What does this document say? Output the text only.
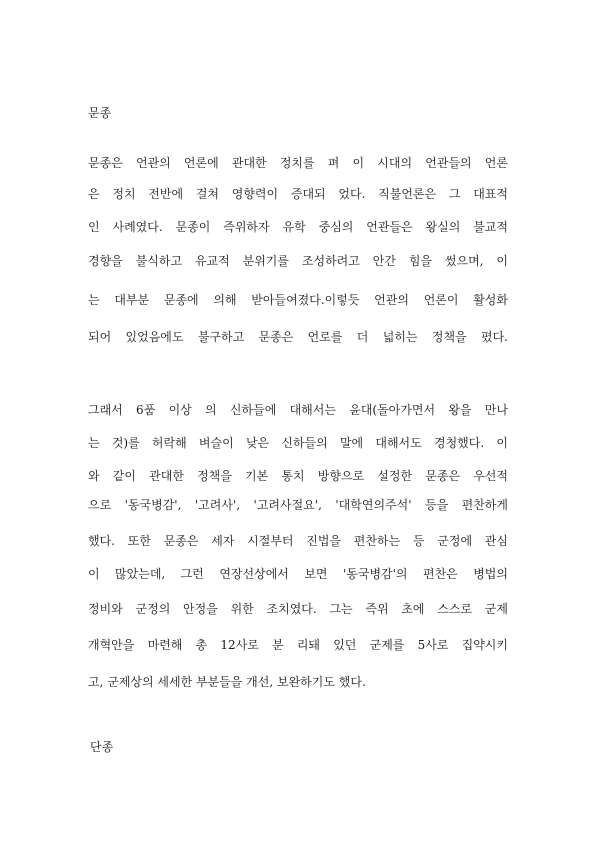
문종

문종은 언관의 언론에 관대한 정치를 펴 이 시대의 언관들의 언론

은 정치 전반에 걸쳐 영향력이 증대되 었다. 직불언론은 그 대표적

인 사례였다. 문종이 즉위하자 유학 중심의 언관들은 왕실의 불교적

경향을 불식하고 유교적 분위기를 조성하려고 안간 힘을 썼으며, 이

는 대부분 문종에 의해 받아들여졌다.이렇듯 언관의 언론이 활성화

되어 있었음에도 불구하고 문종은 언로를 더 넓히는 정책을 폈다.

그래서 6품 이상 의 신하들에 대해서는 윤대(돌아가면서 왕을 만나

는 것)를 허락해 벼슬이 낮은 신하들의 말에 대해서도 경청했다. 이

와 같이 관대한 정책을 기본 통치 방향으로 설정한 문종은 우선적

으로 '동국병감', '고려사', '고려사절요', '대학연의주석' 등을 편찬하게

했다. 또한 문종은 세자 시절부터 진법을 편찬하는 등 군정에 관심

이 많았는데, 그런 연장선상에서 보면 '동국병감'의 편찬은 병법의

정비와 군정의 안정을 위한 조치였다. 그는 즉위 초에 스스로 군제

개혁안을 마련해 총 12사로 분 리돼 있던 군제를 5사로 집약시키

고, 군제상의 세세한 부분들을 개선, 보완하기도 했다.

단종
